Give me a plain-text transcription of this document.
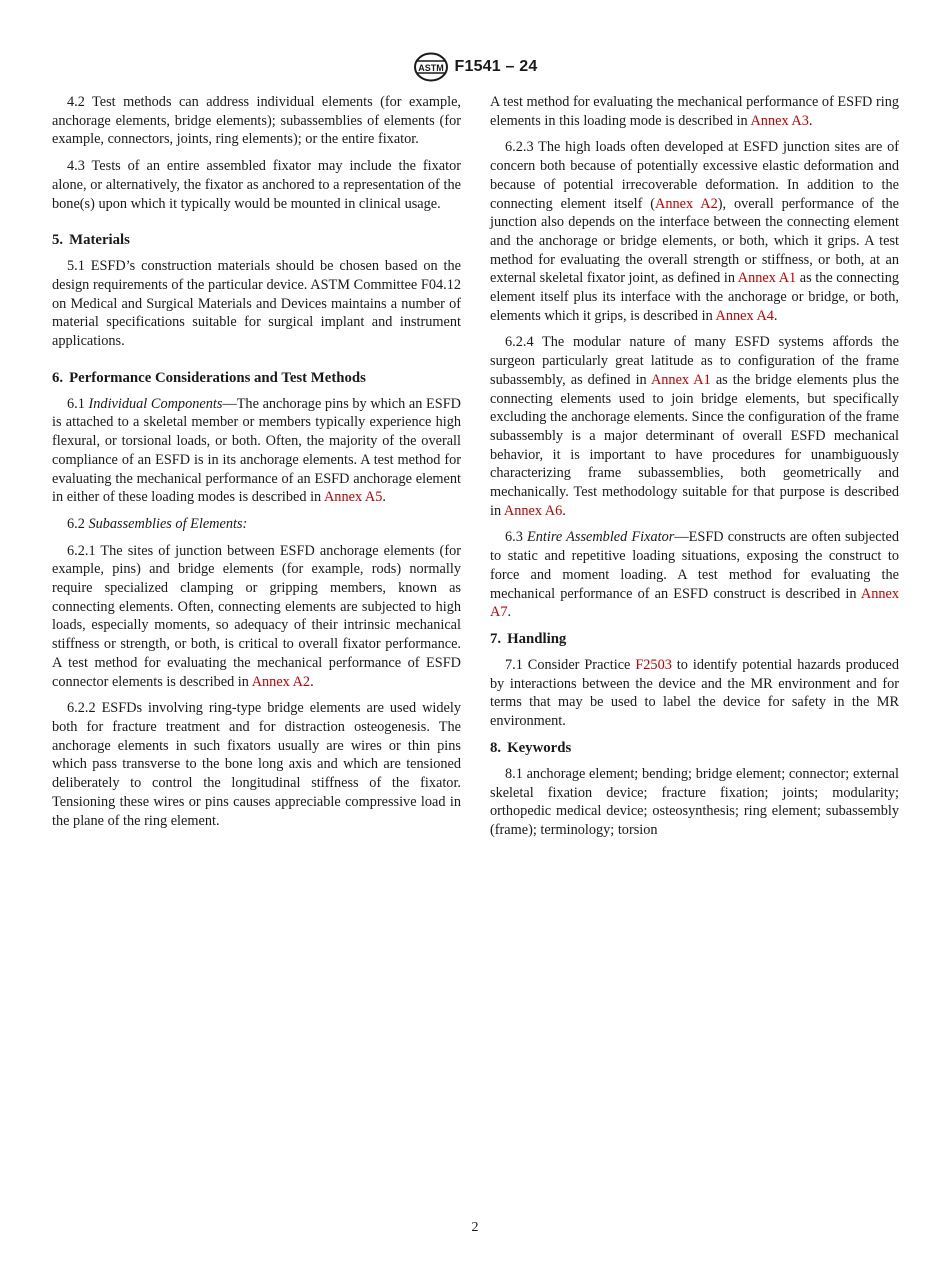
ASTM F1541 – 24

4.2 Test methods can address individual elements (for example, anchorage elements, bridge elements); subassemblies of elements (for example, connectors, joints, ring elements); or the entire fixator.

4.3 Tests of an entire assembled fixator may include the fixator alone, or alternatively, the fixator as anchored to a representation of the bone(s) upon which it typically would be mounted in clinical usage.

5. Materials

5.1 ESFD’s construction materials should be chosen based on the design requirements of the particular device. ASTM Committee F04.12 on Medical and Surgical Materials and Devices maintains a number of material specifications suitable for surgical implant and instrument applications.

6. Performance Considerations and Test Methods

6.1 Individual Components—The anchorage pins by which an ESFD is attached to a skeletal member or members typically experience high flexural, or torsional loads, or both. Often, the majority of the overall compliance of an ESFD is in its anchorage elements. A test method for evaluating the mechanical performance of an ESFD anchorage element in either of these loading modes is described in Annex A5.

6.2 Subassemblies of Elements:

6.2.1 The sites of junction between ESFD anchorage elements (for example, pins) and bridge elements (for example, rods) normally require specialized clamping or gripping members, known as connecting elements. Often, connecting elements are subjected to high loads, especially moments, so adequacy of their intrinsic mechanical stiffness or strength, or both, is critical to overall fixator performance. A test method for evaluating the mechanical performance of ESFD connector elements is described in Annex A2.

6.2.2 ESFDs involving ring-type bridge elements are used widely both for fracture treatment and for distraction osteogenesis. The anchorage elements in such fixators usually are wires or thin pins which pass transverse to the bone long axis and which are tensioned deliberately to control the longitudinal stiffness of the fixator. Tensioning these wires or pins causes appreciable compressive load in the plane of the ring element.

A test method for evaluating the mechanical performance of ESFD ring elements in this loading mode is described in Annex A3.

6.2.3 The high loads often developed at ESFD junction sites are of concern both because of potentially excessive elastic deformation and because of potential irrecoverable deformation. In addition to the connecting element itself (Annex A2), overall performance of the junction also depends on the interface between the connecting element and the anchorage or bridge elements, or both, which it grips. A test method for evaluating the overall strength or stiffness, or both, at an external skeletal fixator joint, as defined in Annex A1 as the connecting element itself plus its interface with the anchorage or bridge, or both, elements which it grips, is described in Annex A4.

6.2.4 The modular nature of many ESFD systems affords the surgeon particularly great latitude as to configuration of the frame subassembly, as defined in Annex A1 as the bridge elements plus the connecting elements used to join bridge elements, but specifically excluding the anchorage elements. Since the configuration of the frame subassembly is a major determinant of overall ESFD mechanical behavior, it is important to have procedures for unambiguously characterizing frame subassemblies, both geometrically and mechanically. Test methodology suitable for that purpose is described in Annex A6.

6.3 Entire Assembled Fixator—ESFD constructs are often subjected to static and repetitive loading situations, exposing the construct to force and moment loading. A test method for evaluating the mechanical performance of an ESFD construct is described in Annex A7.

7. Handling

7.1 Consider Practice F2503 to identify potential hazards produced by interactions between the device and the MR environment and for terms that may be used to label the device for safety in the MR environment.

8. Keywords

8.1 anchorage element; bending; bridge element; connector; external skeletal fixation device; fracture fixation; joints; modularity; orthopedic medical device; osteosynthesis; ring element; subassembly (frame); terminology; torsion

2
